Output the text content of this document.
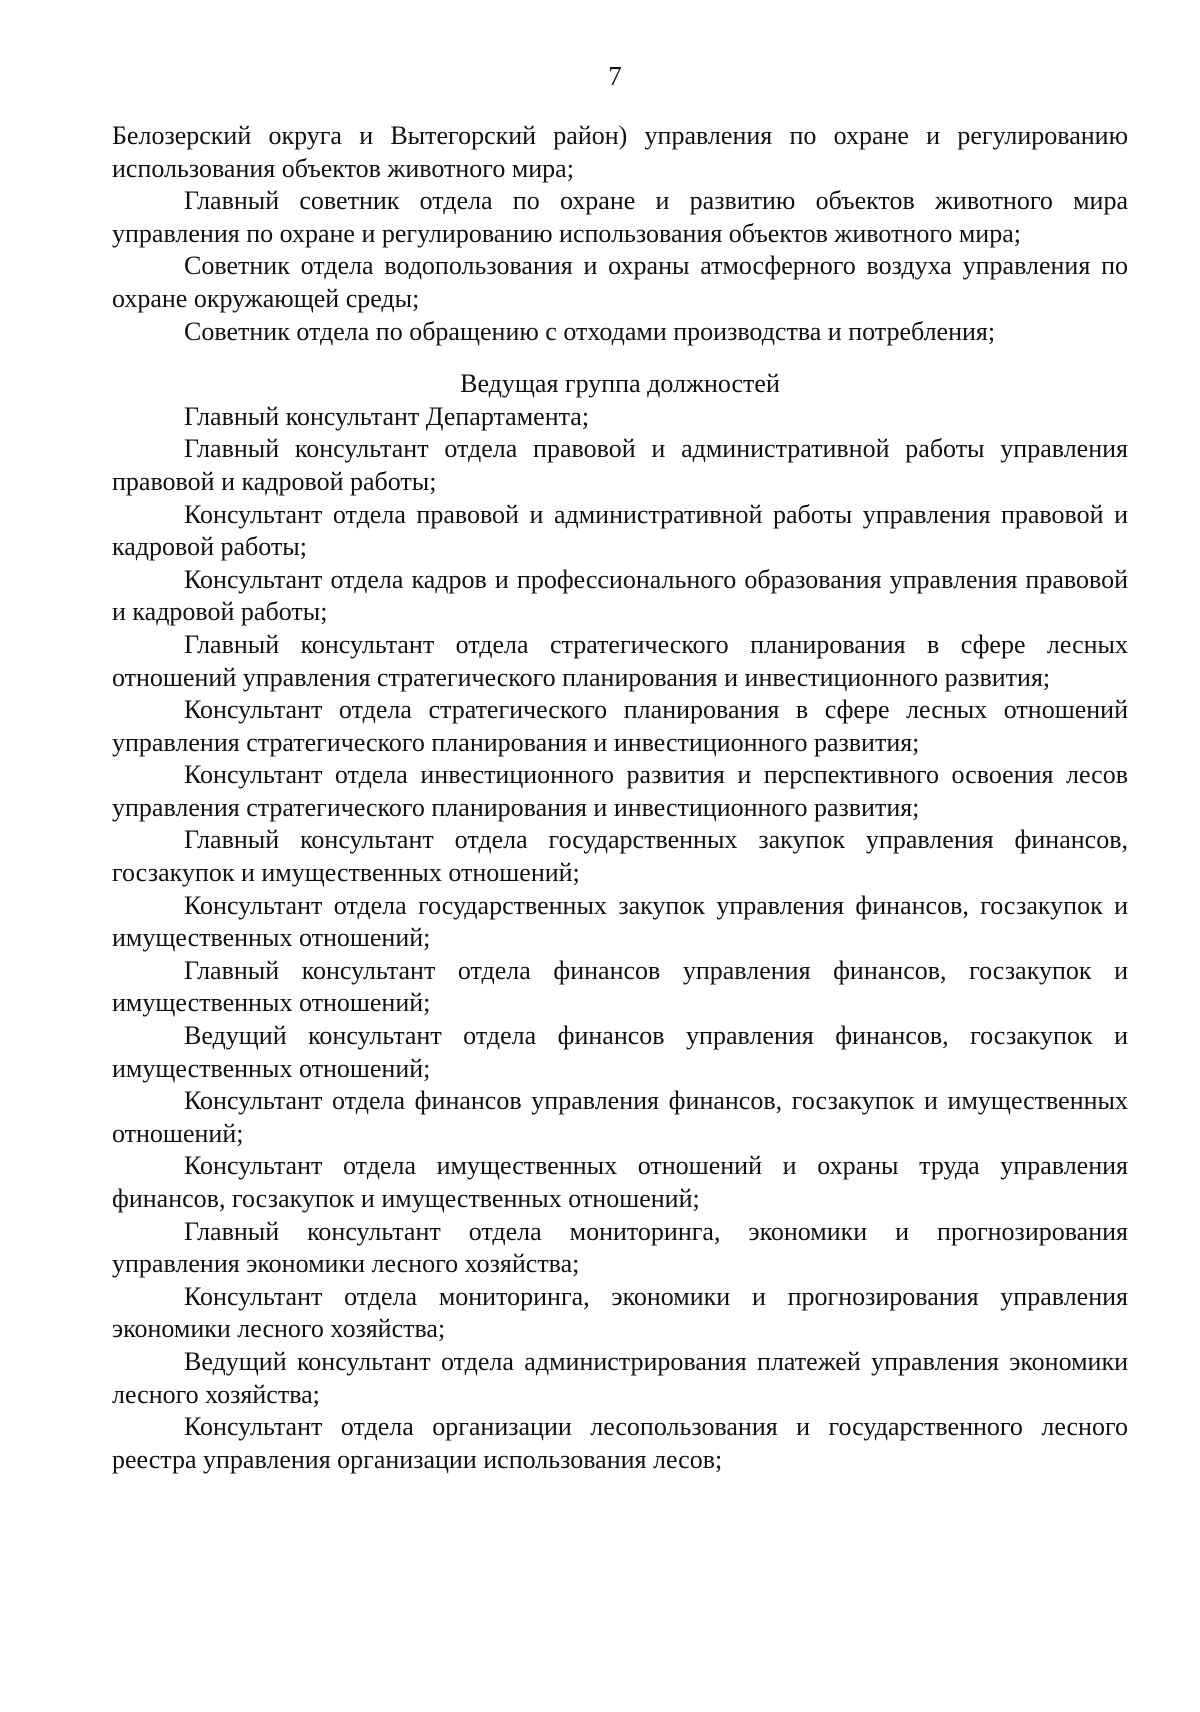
7

Белозерский округа и Вытегорский район) управления по охране и регулированию использования объектов животного мира;

Главный советник отдела по охране и развитию объектов животного мира управления по охране и регулированию использования объектов животного мира;

Советник отдела водопользования и охраны атмосферного воздуха управления по охране окружающей среды;

Советник отдела по обращению с отходами производства и потребления;

Ведущая группа должностей

Главный консультант Департамента;

Главный консультант отдела правовой и административной работы управления правовой и кадровой работы;

Консультант отдела правовой и административной работы управления правовой и кадровой работы;

Консультант отдела кадров и профессионального образования управления правовой и кадровой работы;

Главный консультант отдела стратегического планирования в сфере лесных отношений управления стратегического планирования и инвестиционного развития;

Консультант отдела стратегического планирования в сфере лесных отношений управления стратегического планирования и инвестиционного развития;

Консультант отдела инвестиционного развития и перспективного освоения лесов управления стратегического планирования и инвестиционного развития;

Главный консультант отдела государственных закупок управления финансов, госзакупок и имущественных отношений;

Консультант отдела государственных закупок управления финансов, госзакупок и имущественных отношений;

Главный консультант отдела финансов управления финансов, госзакупок и имущественных отношений;

Ведущий консультант отдела финансов управления финансов, госзакупок и имущественных отношений;

Консультант отдела финансов управления финансов, госзакупок и имущественных отношений;

Консультант отдела имущественных отношений и охраны труда управления финансов, госзакупок и имущественных отношений;

Главный консультант отдела мониторинга, экономики и прогнозирования управления экономики лесного хозяйства;

Консультант отдела мониторинга, экономики и прогнозирования управления экономики лесного хозяйства;

Ведущий консультант отдела администрирования платежей управления экономики лесного хозяйства;

Консультант отдела организации лесопользования и государственного лесного реестра управления организации использования лесов;
